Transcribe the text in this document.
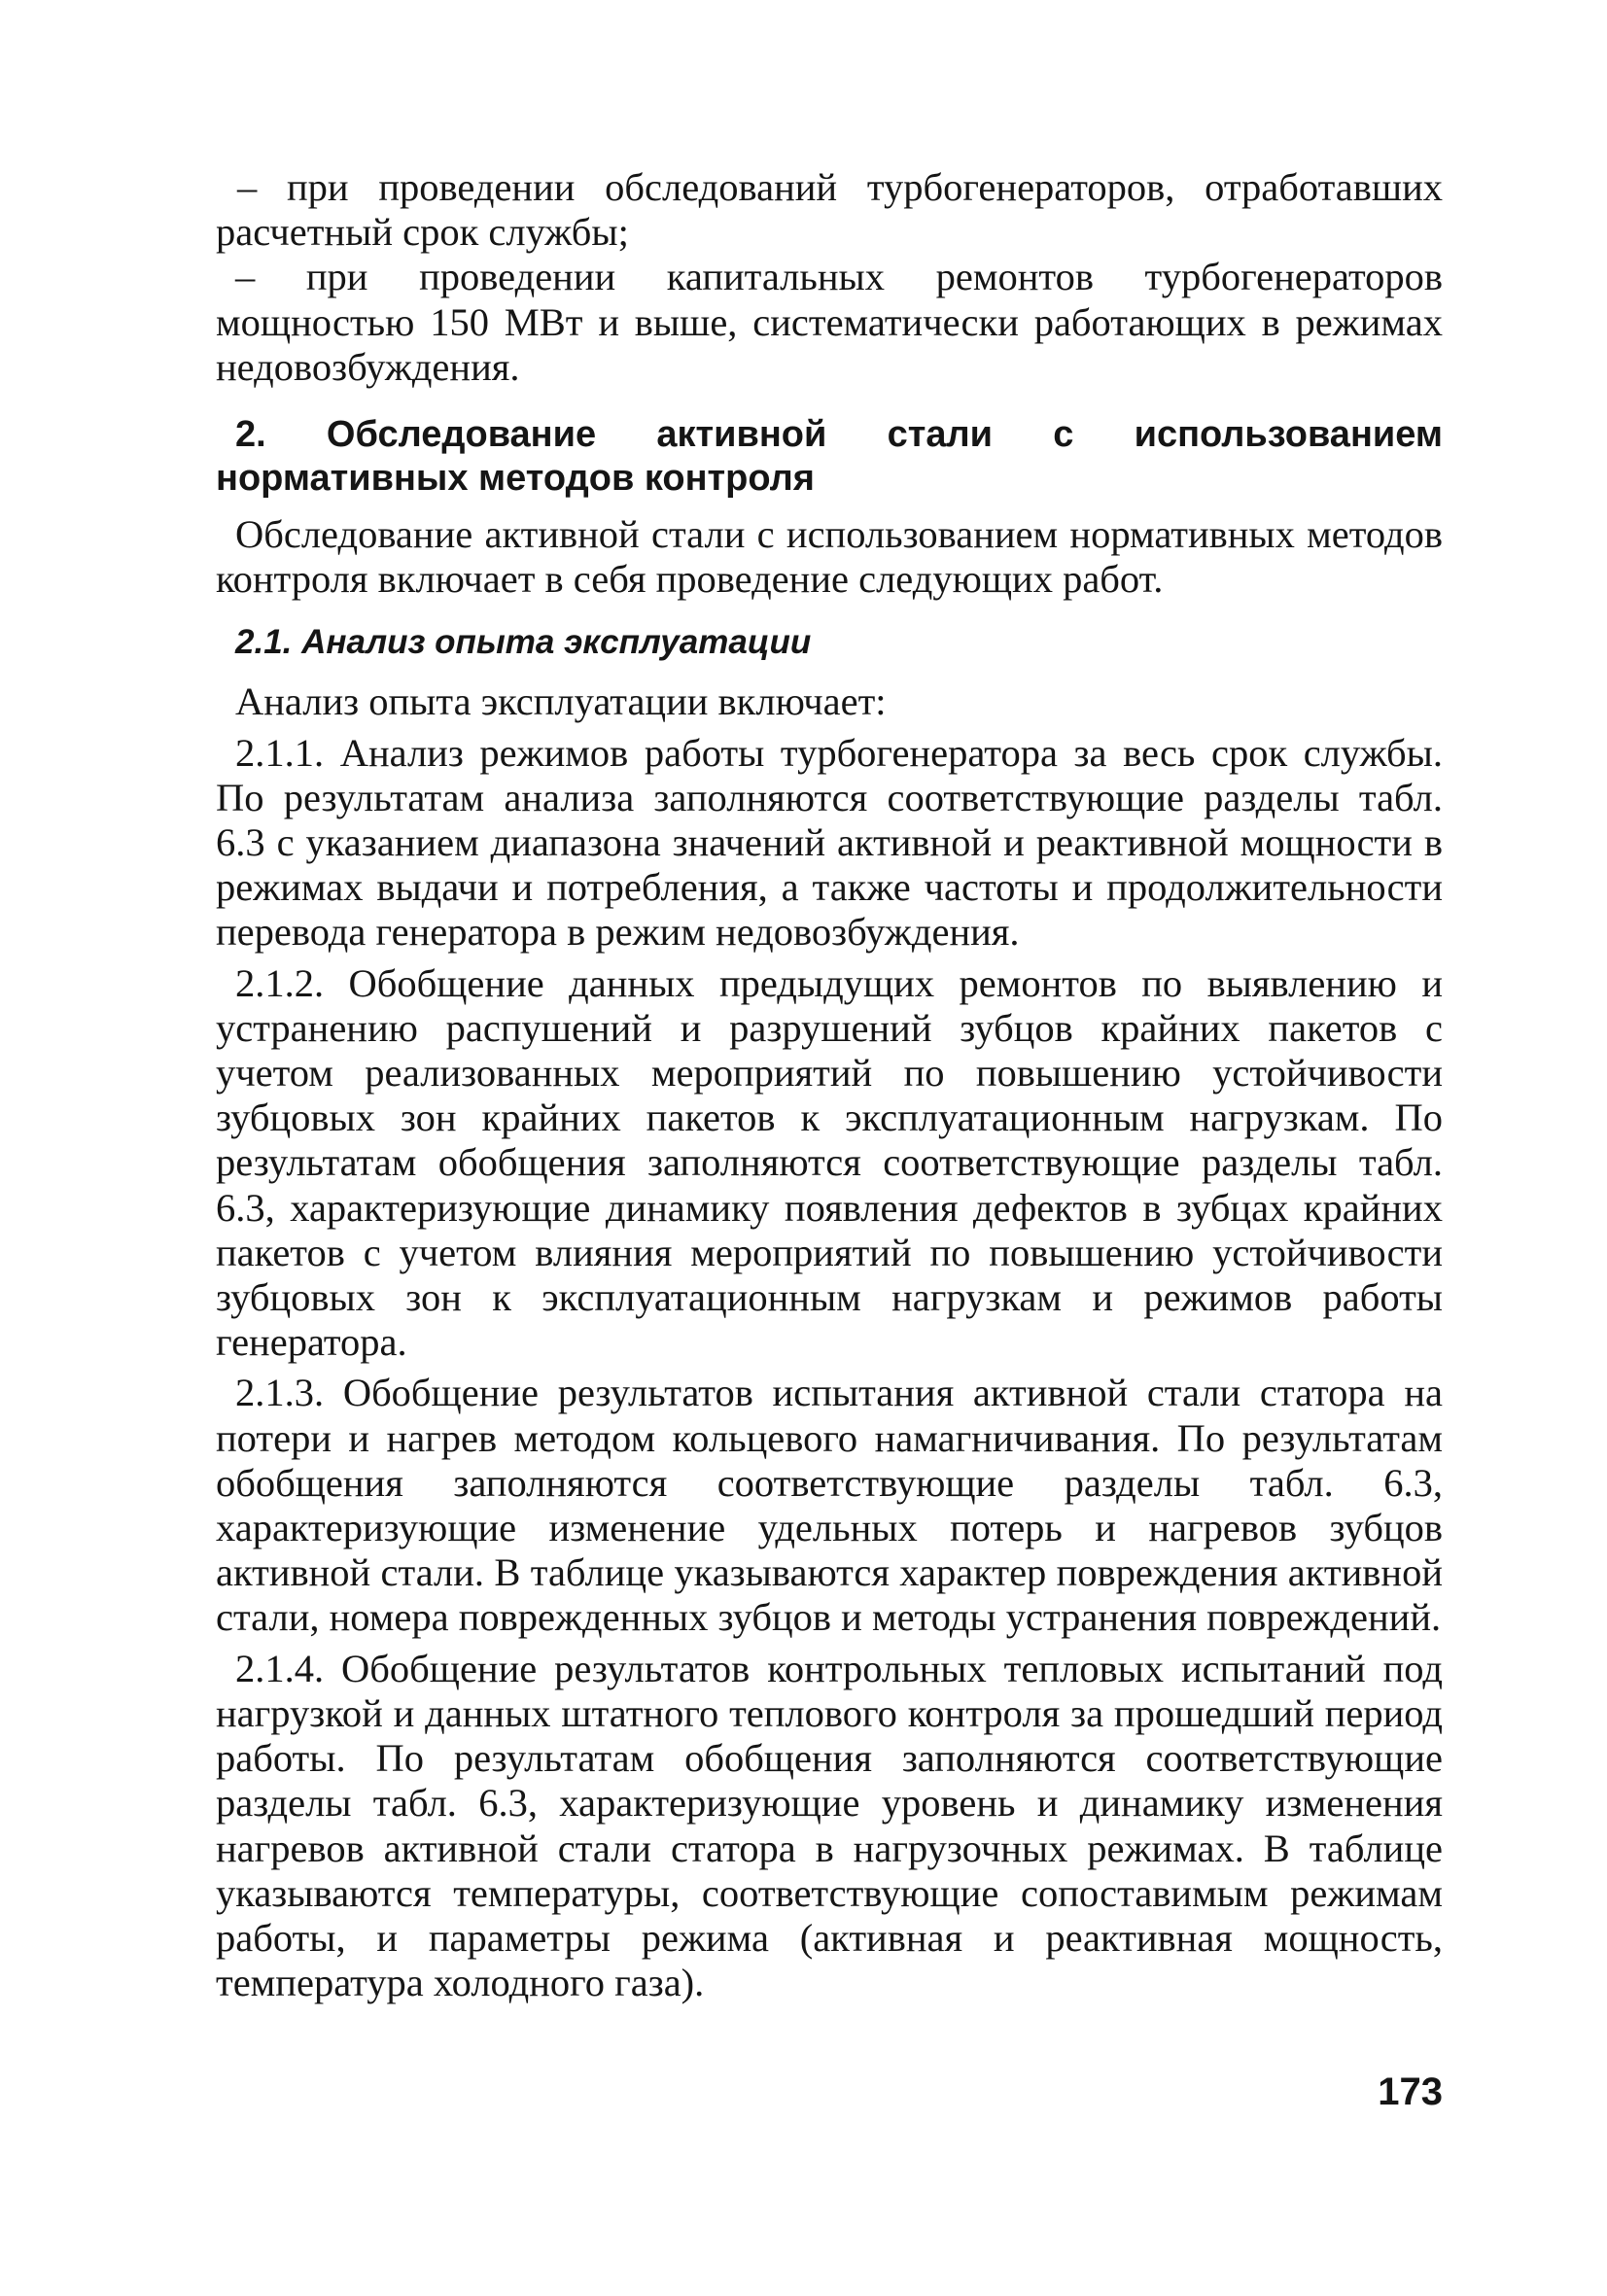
– при проведении обследований турбогенераторов, отработавших расчетный срок службы;

– при проведении капитальных ремонтов турбогенераторов мощностью 150 МВт и выше, систематически работающих в режимах недовозбуждения.

2. Обследование активной стали с использованием нормативных методов контроля

Обследование активной стали с использованием нормативных методов контроля включает в себя проведение следующих работ.

2.1. Анализ опыта эксплуатации

Анализ опыта эксплуатации включает:

2.1.1. Анализ режимов работы турбогенератора за весь срок службы. По результатам анализа заполняются соответствующие разделы табл. 6.3 с указанием диапазона значений активной и реактивной мощности в режимах выдачи и потребления, а также частоты и продолжительности перевода генератора в режим недовозбуждения.

2.1.2. Обобщение данных предыдущих ремонтов по выявлению и устранению распушений и разрушений зубцов крайних пакетов с учетом реализованных мероприятий по повышению устойчивости зубцовых зон крайних пакетов к эксплуатационным нагрузкам. По результатам обобщения заполняются соответствующие разделы табл. 6.3, характеризующие динамику появления дефектов в зубцах крайних пакетов с учетом влияния мероприятий по повышению устойчивости зубцовых зон к эксплуатационным нагрузкам и режимов работы генератора.

2.1.3. Обобщение результатов испытания активной стали статора на потери и нагрев методом кольцевого намагничивания. По результатам обобщения заполняются соответствующие разделы табл. 6.3, характеризующие изменение удельных потерь и нагревов зубцов активной стали. В таблице указываются характер повреждения активной стали, номера поврежденных зубцов и методы устранения повреждений.

2.1.4. Обобщение результатов контрольных тепловых испытаний под нагрузкой и данных штатного теплового контроля за прошедший период работы. По результатам обобщения заполняются соответствующие разделы табл. 6.3, характеризующие уровень и динамику изменения нагревов активной стали статора в нагрузочных режимах. В таблице указываются температуры, соответствующие сопоставимым режимам работы, и параметры режима (активная и реактивная мощность, температура холодного газа).

173
